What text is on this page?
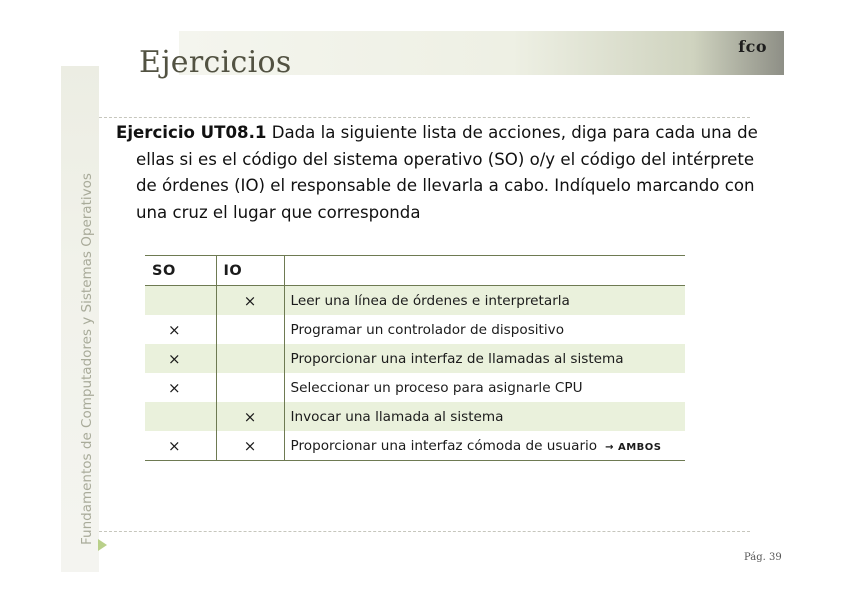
Fundamentos de Computadores y Sistemas Operativos
fco
Ejercicios

Ejercicio UT08.1 Dada la siguiente lista de acciones, diga para cada una de ellas si es el código del sistema operativo (SO) o/y el código del intérprete de órdenes (IO) el responsable de llevarla a cabo. Indíquelo marcando con una cruz el lugar que corresponda

SO	IO	
	×	Leer una línea de órdenes e interpretarla
×		Programar un controlador de dispositivo
×		Proporcionar una interfaz de llamadas al sistema
×		Seleccionar un proceso para asignarle CPU
	×	Invocar una llamada al sistema
×	×	Proporcionar una interfaz cómoda de usuario → AMBOS
Pág. 39
